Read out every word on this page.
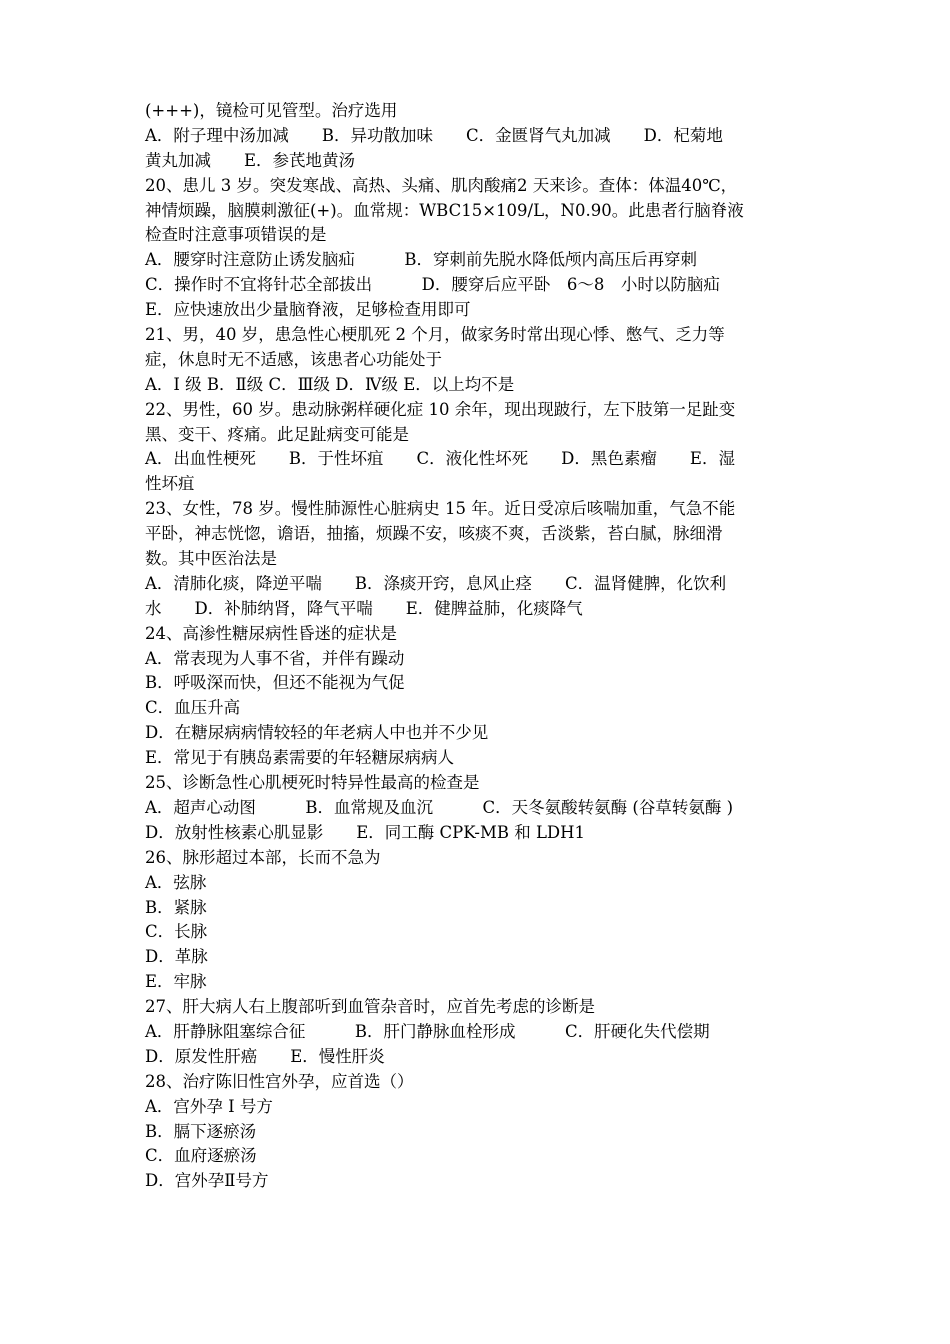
(+++)，镜检可见管型。治疗选用
A．附子理中汤加减　　B．异功散加味　　C．金匮肾气丸加减　　D．杞菊地
黄丸加减　　E．参芪地黄汤
20、患儿 3 岁。突发寒战、高热、头痛、肌肉酸痛2 天来诊。查体：体温40℃，
神情烦躁，脑膜刺激征(+)。血常规：WBC15×109/L，N0.90。此患者行脑脊液
检查时注意事项错误的是
A．腰穿时注意防止诱发脑疝　　　B．穿刺前先脱水降低颅内高压后再穿刺
C．操作时不宜将针芯全部拔出　　　D．腰穿后应平卧　6～8　小时以防脑疝
E．应快速放出少量脑脊液，足够检查用即可
21、男，40 岁，患急性心梗肌死 2 个月，做家务时常出现心悸、憋气、乏力等
症，休息时无不适感，该患者心功能处于
A．I 级 B．Ⅱ级 C．Ⅲ级 D．Ⅳ级 E．以上均不是
22、男性，60 岁。患动脉粥样硬化症 10 余年，现出现跛行，左下肢第一足趾变
黑、变干、疼痛。此足趾病变可能是
A．出血性梗死　　B．于性坏疽　　C．液化性坏死　　D．黑色素瘤　　E．湿
性坏疽
23、女性，78 岁。慢性肺源性心脏病史 15 年。近日受凉后咳喘加重，气急不能
平卧，神志恍惚，谵语，抽搐，烦躁不安，咳痰不爽，舌淡紫，苔白腻，脉细滑
数。其中医治法是
A．清肺化痰，降逆平喘　　B．涤痰开窍，息风止痉　　C．温肾健脾，化饮利
水　　D．补肺纳肾，降气平喘　　E．健脾益肺，化痰降气
24、高渗性糖尿病性昏迷的症状是
A．常表现为人事不省，并伴有躁动
B．呼吸深而快，但还不能视为气促
C．血压升高
D．在糖尿病病情较轻的年老病人中也并不少见
E．常见于有胰岛素需要的年轻糖尿病病人
25、诊断急性心肌梗死时特异性最高的检查是
A．超声心动图　　　B．血常规及血沉　　　C．天冬氨酸转氨酶 (谷草转氨酶 )
D．放射性核素心肌显影　　E．同工酶 CPK-MB 和 LDH1
26、脉形超过本部，长而不急为
A．弦脉
B．紧脉
C．长脉
D．革脉
E．牢脉
27、肝大病人右上腹部听到血管杂音时，应首先考虑的诊断是
A．肝静脉阻塞综合征　　　B．肝门静脉血栓形成　　　C．肝硬化失代偿期
D．原发性肝癌　　E．慢性肝炎
28、治疗陈旧性宫外孕，应首选（）
A．宫外孕 I 号方
B．膈下逐瘀汤
C．血府逐瘀汤
D．宫外孕Ⅱ号方
